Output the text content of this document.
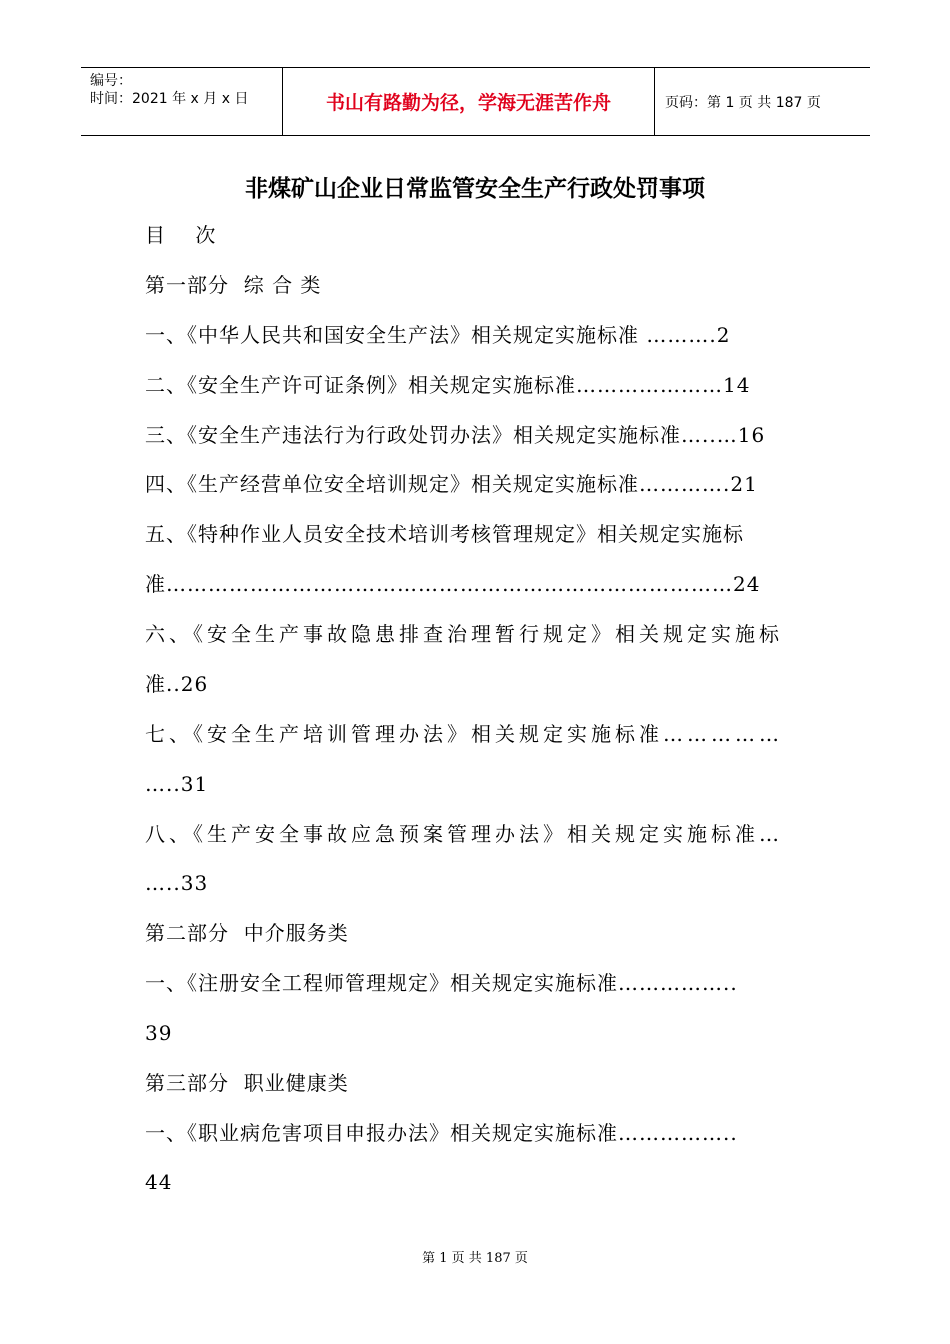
编号：
时间：2021 年 x 月 x 日	书山有路勤为径，学海无涯苦作舟	页码：第 1 页 共 187 页
非煤矿山企业日常监管安全生产行政处罚事项
目    次
第一部分  综 合 类
一、《中华人民共和国安全生产法》相关规定实施标准 ……….2
二、《安全生产许可证条例》相关规定实施标准…………………14
三、《安全生产违法行为行政处罚办法》相关规定实施标准…..…16
四、《生产经营单位安全培训规定》相关规定实施标准………….21
五、《特种作业人员安全技术培训考核管理规定》相关规定实施标
准………………………………………………………………………24
六、《安全生产事故隐患排查治理暂行规定》相关规定实施标
准..26
七、《安全生产培训管理办法》相关规定实施标准……………
…..31
八、《生产安全事故应急预案管理办法》相关规定实施标准…
…..33
第二部分  中介服务类
一、《注册安全工程师管理规定》相关规定实施标准……………..
39
第三部分  职业健康类
一、《职业病危害项目申报办法》相关规定实施标准……………..
44
第 1 页 共 187 页
